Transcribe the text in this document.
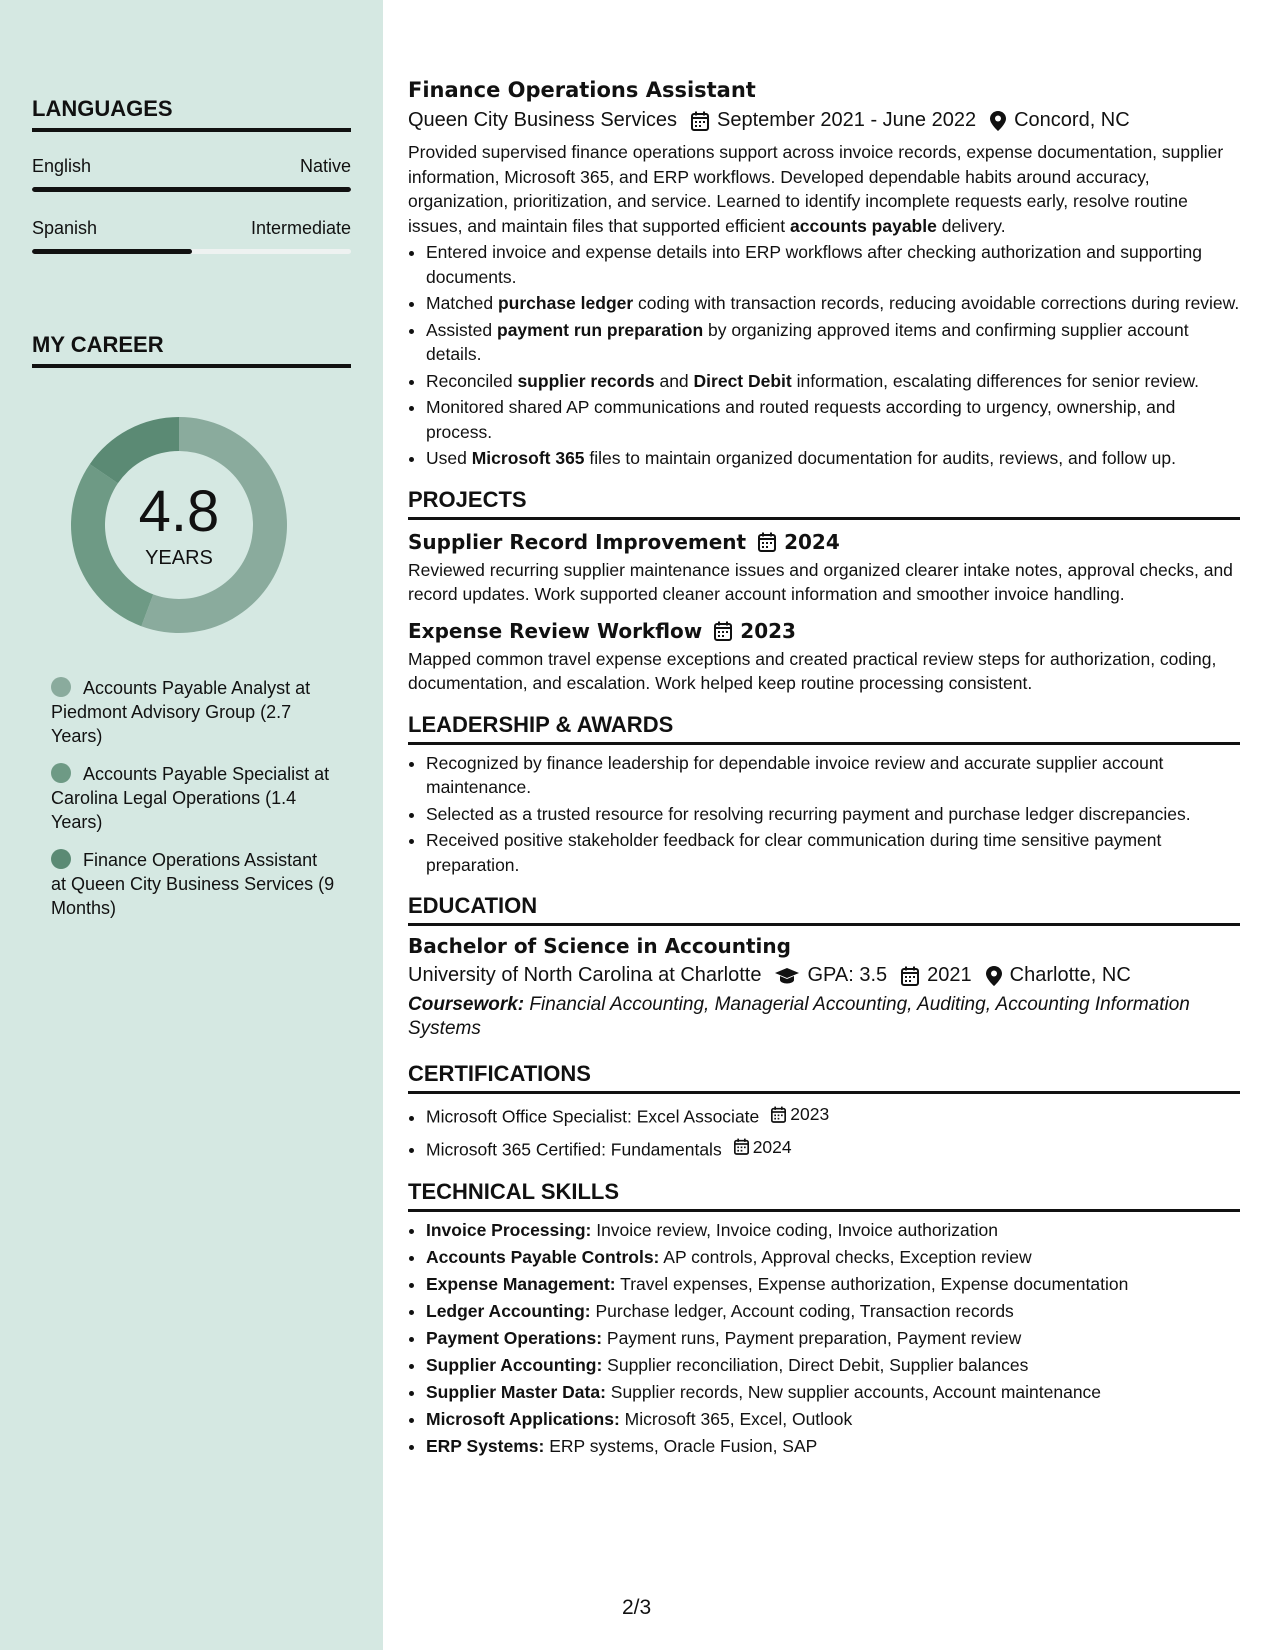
LANGUAGES
English	Native
Spanish	Intermediate
MY CAREER
4.8
YEARS
Accounts Payable Analyst at Piedmont Advisory Group (2.7 Years)
Accounts Payable Specialist at Carolina Legal Operations (1.4 Years)
Finance Operations Assistant at Queen City Business Services (9 Months)
Finance Operations Assistant
Queen City Business Services September 2021 - June 2022 Concord, NC

Provided supervised finance operations support across invoice records, expense documentation, supplier information, Microsoft 365, and ERP workflows. Developed dependable habits around accuracy, organization, prioritization, and service. Learned to identify incomplete requests early, resolve routine issues, and maintain files that supported efficient accounts payable delivery.

• Entered invoice and expense details into ERP workflows after checking authorization and supporting documents.
• Matched purchase ledger coding with transaction records, reducing avoidable corrections during review.
• Assisted payment run preparation by organizing approved items and confirming supplier account details.
• Reconciled supplier records and Direct Debit information, escalating differences for senior review.
• Monitored shared AP communications and routed requests according to urgency, ownership, and process.
• Used Microsoft 365 files to maintain organized documentation for audits, reviews, and follow up.
PROJECTS
Supplier Record Improvement 2024

Reviewed recurring supplier maintenance issues and organized clearer intake notes, approval checks, and record updates. Work supported cleaner account information and smoother invoice handling.

Expense Review Workflow 2023

Mapped common travel expense exceptions and created practical review steps for authorization, coding, documentation, and escalation. Work helped keep routine processing consistent.

LEADERSHIP & AWARDS
• Recognized by finance leadership for dependable invoice review and accurate supplier account maintenance.
• Selected as a trusted resource for resolving recurring payment and purchase ledger discrepancies.
• Received positive stakeholder feedback for clear communication during time sensitive payment preparation.
EDUCATION
Bachelor of Science in Accounting
University of North Carolina at Charlotte GPA: 3.5 2021 Charlotte, NC

Coursework: Financial Accounting, Managerial Accounting, Auditing, Accounting Information Systems

CERTIFICATIONS
• Microsoft Office Specialist: Excel Associate 2023
• Microsoft 365 Certified: Fundamentals 2024
TECHNICAL SKILLS
• Invoice Processing: Invoice review, Invoice coding, Invoice authorization
• Accounts Payable Controls: AP controls, Approval checks, Exception review
• Expense Management: Travel expenses, Expense authorization, Expense documentation
• Ledger Accounting: Purchase ledger, Account coding, Transaction records
• Payment Operations: Payment runs, Payment preparation, Payment review
• Supplier Accounting: Supplier reconciliation, Direct Debit, Supplier balances
• Supplier Master Data: Supplier records, New supplier accounts, Account maintenance
• Microsoft Applications: Microsoft 365, Excel, Outlook
• ERP Systems: ERP systems, Oracle Fusion, SAP
2/3
